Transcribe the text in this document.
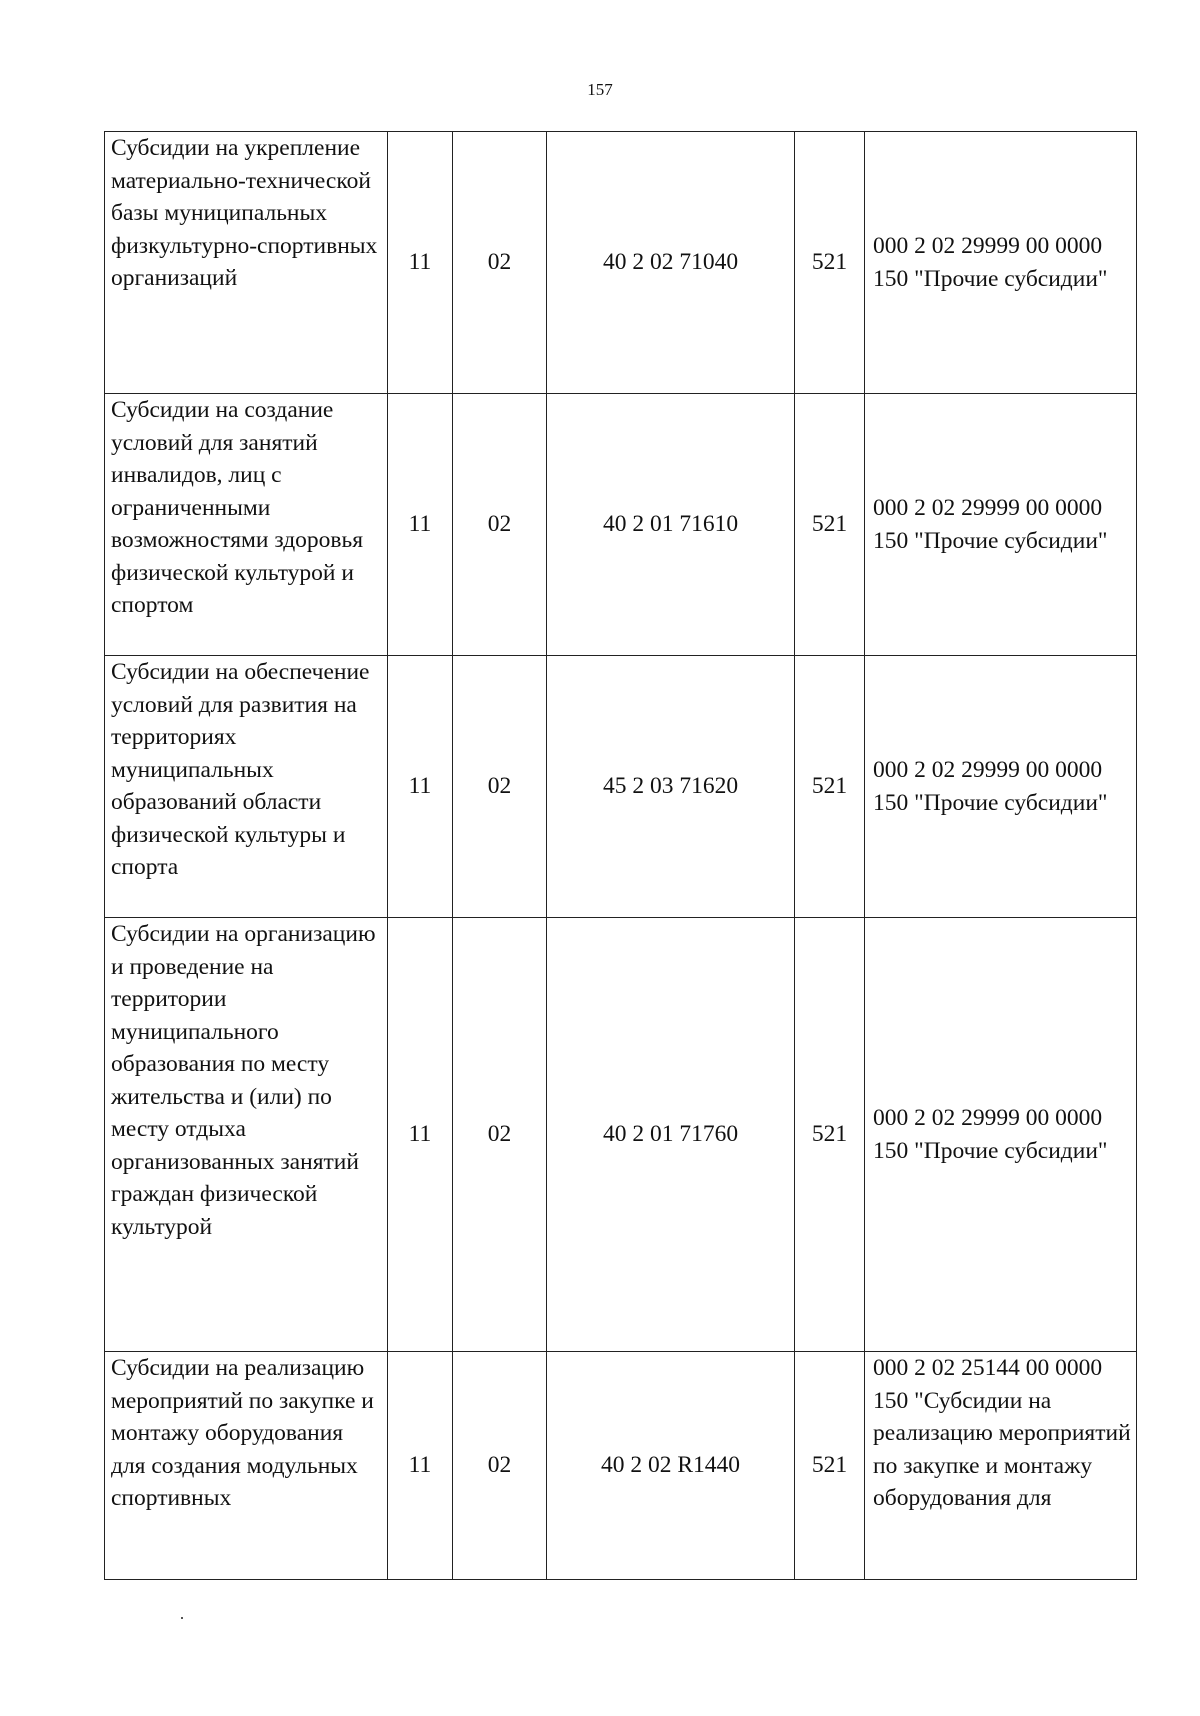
157
Субсидии на укрепление материально-технической базы муниципальных физкультурно-спортивных организаций	11	02	40 2 02 71040	521	000 2 02 29999 00 0000 150 "Прочие субсидии"
Субсидии на создание условий для занятий инвалидов, лиц с ограниченными возможностями здоровья физической культурой и спортом	11	02	40 2 01 71610	521	000 2 02 29999 00 0000 150 "Прочие субсидии"
Субсидии на обеспечение условий для развития на территориях муниципальных образований области физической культуры и спорта	11	02	45 2 03 71620	521	000 2 02 29999 00 0000 150 "Прочие субсидии"
Субсидии на организацию и проведение на территории муниципального образования по месту жительства и (или) по месту отдыха организованных занятий граждан физической культурой	11	02	40 2 01 71760	521	000 2 02 29999 00 0000 150 "Прочие субсидии"
Субсидии на реализацию мероприятий по закупке и монтажу оборудования для создания модульных спортивных	11	02	40 2 02 R1440	521	000 2 02 25144 00 0000 150 "Субсидии на реализацию мероприятий по закупке и монтажу оборудования для
